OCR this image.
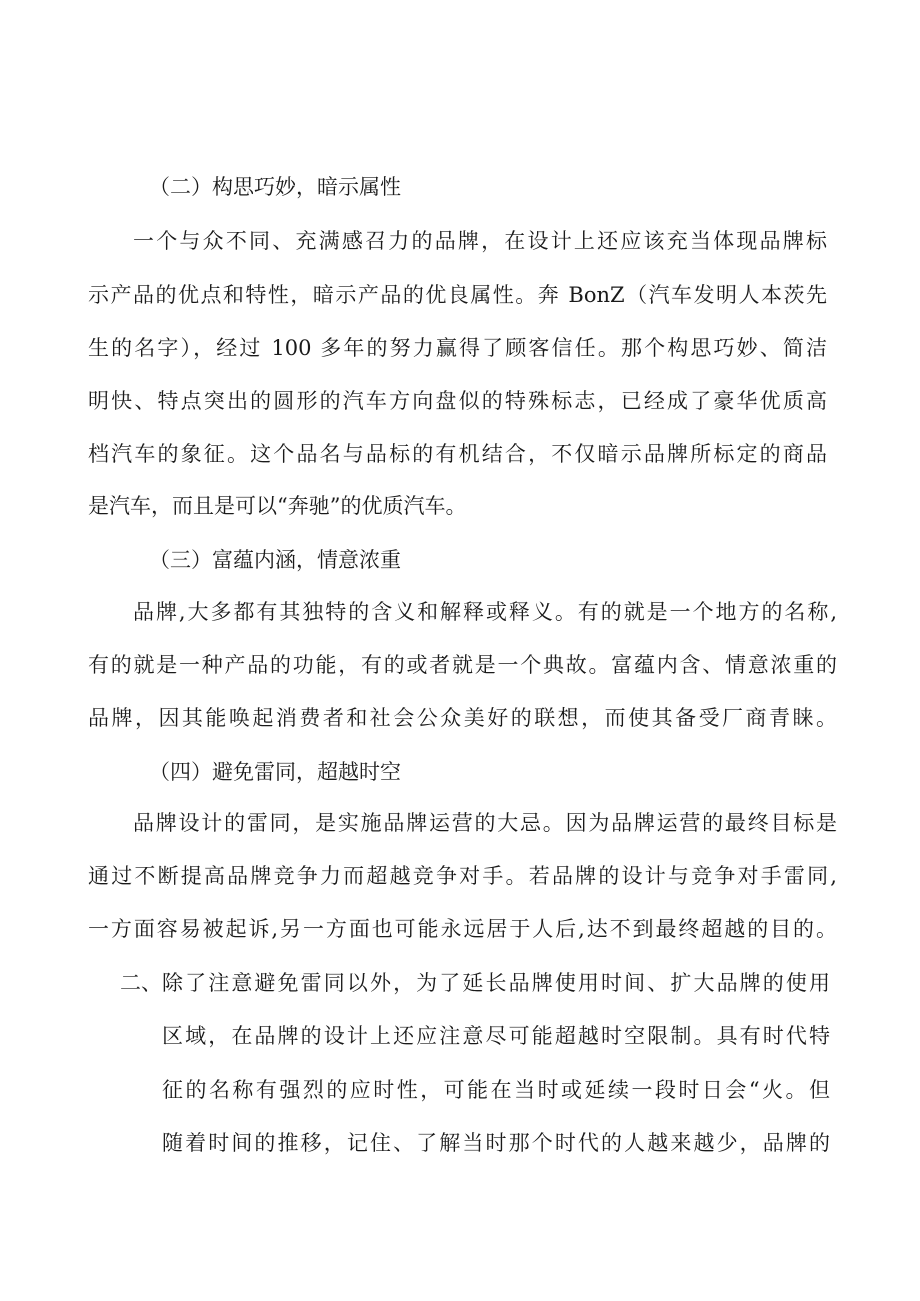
（二）构思巧妙，暗示属性
一个与众不同、充满感召力的品牌，在设计上还应该充当体现品牌标
示产品的优点和特性，暗示产品的优良属性。奔 BonZ（汽车发明人本茨先
生的名字），经过 100 多年的努力赢得了顾客信任。那个构思巧妙、简洁
明快、特点突出的圆形的汽车方向盘似的特殊标志，已经成了豪华优质高
档汽车的象征。这个品名与品标的有机结合，不仅暗示品牌所标定的商品
是汽车，而且是可以“奔驰”的优质汽车。
（三）富蕴内涵，情意浓重
品牌,大多都有其独特的含义和解释或释义。有的就是一个地方的名称,
有的就是一种产品的功能，有的或者就是一个典故。富蕴内含、情意浓重的
品牌，因其能唤起消费者和社会公众美好的联想，而使其备受厂商青睐。
（四）避免雷同，超越时空
品牌设计的雷同，是实施品牌运营的大忌。因为品牌运营的最终目标是
通过不断提高品牌竞争力而超越竞争对手。若品牌的设计与竞争对手雷同,
一方面容易被起诉,另一方面也可能永远居于人后,达不到最终超越的目的。
二、 除了注意避免雷同以外，为了延长品牌使用时间、扩大品牌的使用
区域，在品牌的设计上还应注意尽可能超越时空限制。具有时代特
征的名称有强烈的应时性，可能在当时或延续一段时日会“火。但
随着时间的推移，记住、了解当时那个时代的人越来越少，品牌的
